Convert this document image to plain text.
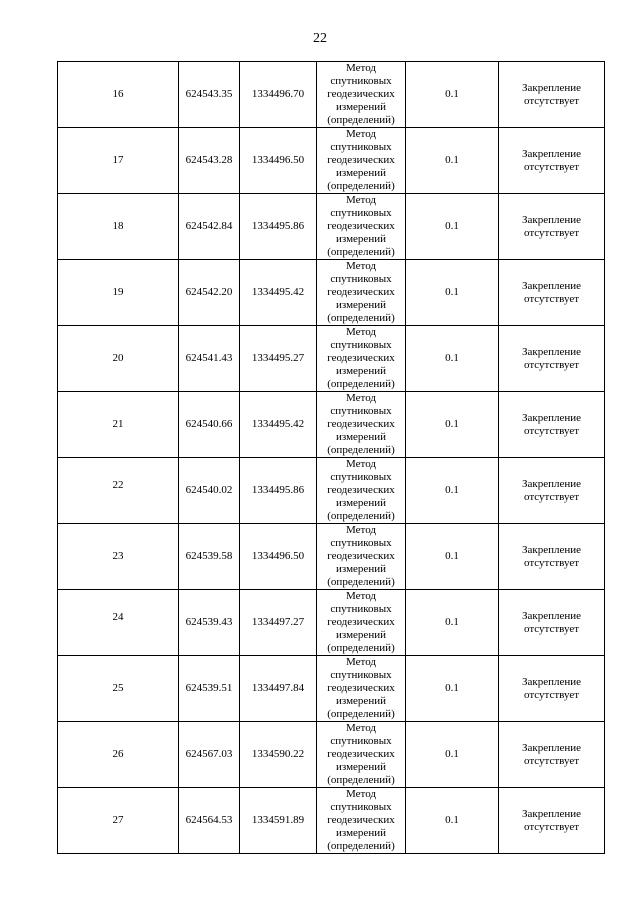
22
16	624543.35	1334496.70	Метод
спутниковых
геодезических
измерений
(определений)	0.1	Закрепление
отсутствует

17	624543.28	1334496.50	Метод
спутниковых
геодезических
измерений
(определений)	0.1	Закрепление
отсутствует

18	624542.84	1334495.86	Метод
спутниковых
геодезических
измерений
(определений)	0.1	Закрепление
отсутствует

19	624542.20	1334495.42	Метод
спутниковых
геодезических
измерений
(определений)	0.1	Закрепление
отсутствует

20	624541.43	1334495.27	Метод
спутниковых
геодезических
измерений
(определений)	0.1	Закрепление
отсутствует

21	624540.66	1334495.42	Метод
спутниковых
геодезических
измерений
(определений)	0.1	Закрепление
отсутствует

22	624540.02	1334495.86	Метод
спутниковых
геодезических
измерений
(определений)	0.1	Закрепление
отсутствует

23	624539.58	1334496.50	Метод
спутниковых
геодезических
измерений
(определений)	0.1	Закрепление
отсутствует

24	624539.43	1334497.27	Метод
спутниковых
геодезических
измерений
(определений)	0.1	Закрепление
отсутствует

25	624539.51	1334497.84	Метод
спутниковых
геодезических
измерений
(определений)	0.1	Закрепление
отсутствует

26	624567.03	1334590.22	Метод
спутниковых
геодезических
измерений
(определений)	0.1	Закрепление
отсутствует

27	624564.53	1334591.89	Метод
спутниковых
геодезических
измерений
(определений)	0.1	Закрепление
отсутствует
